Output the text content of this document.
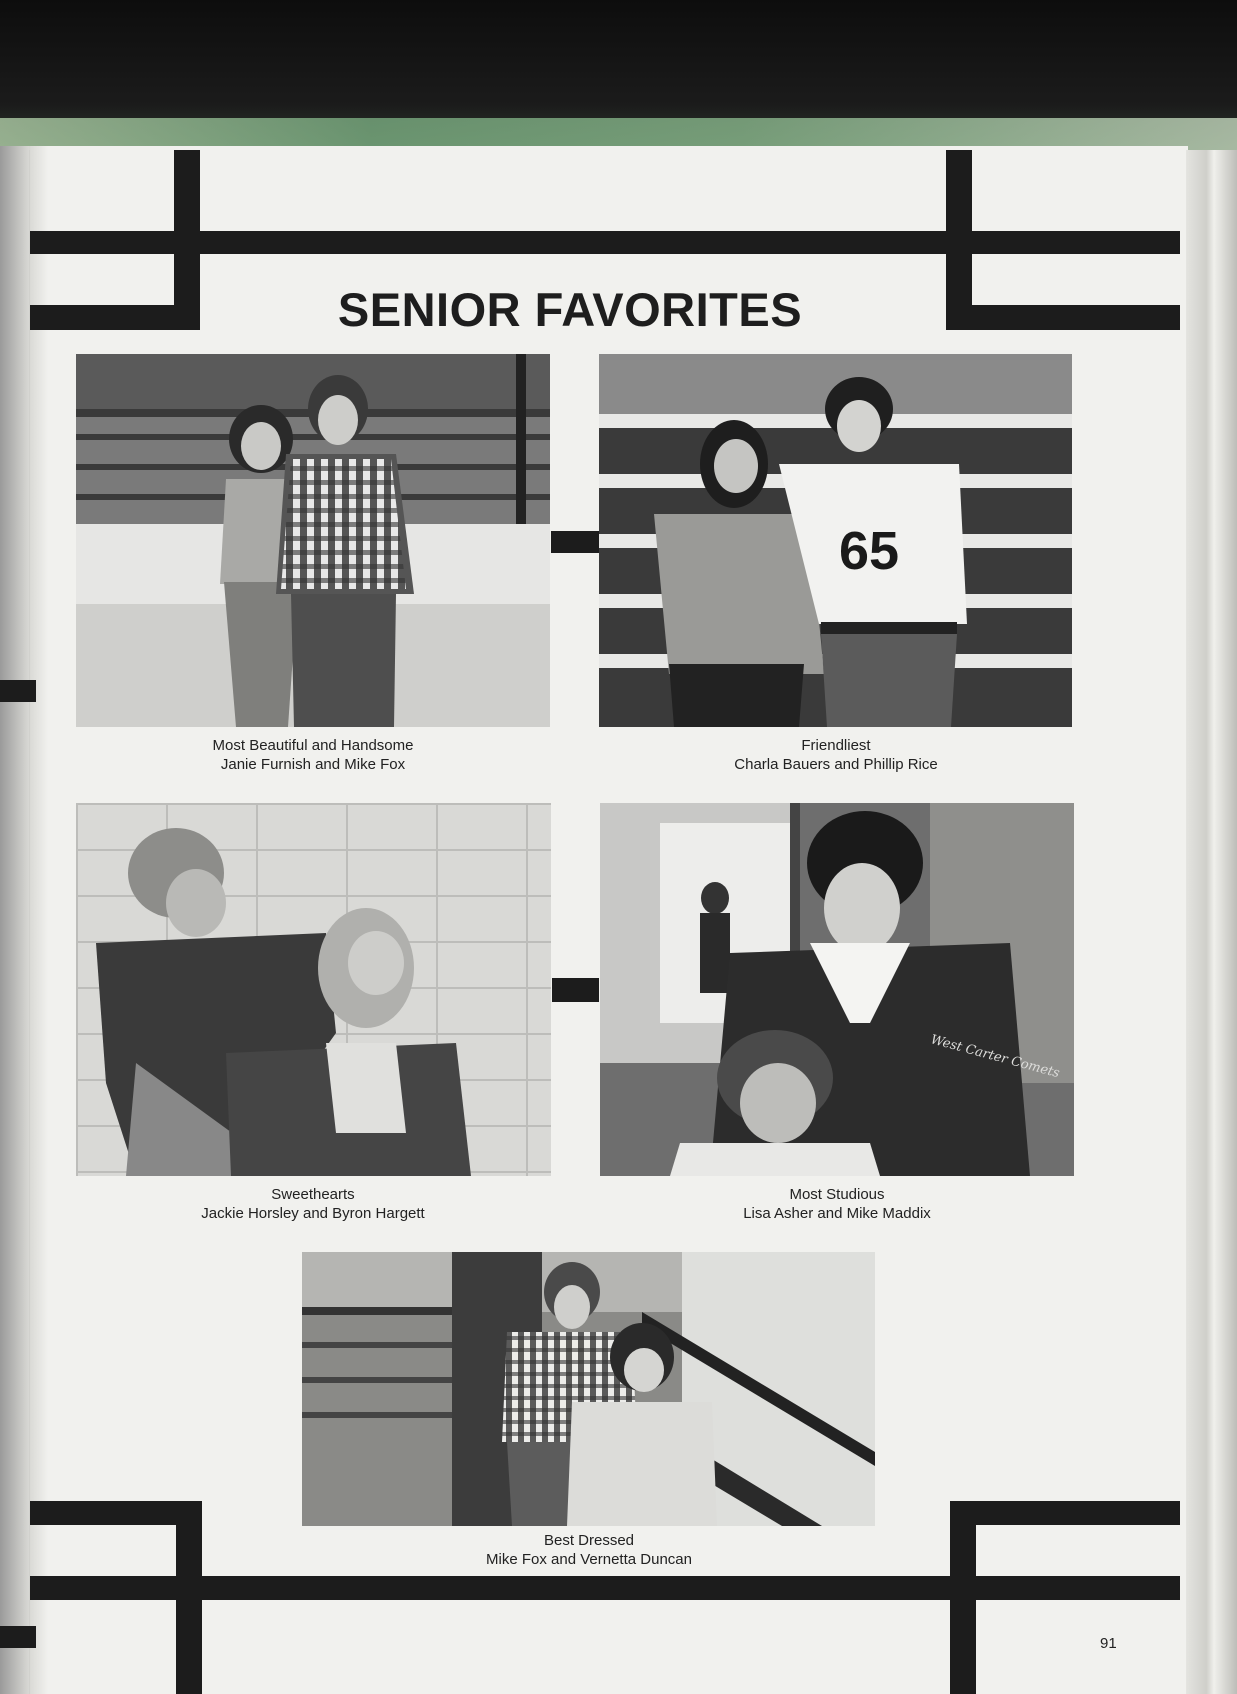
SENIOR FAVORITES
Most Beautiful and Handsome
Janie Furnish and Mike Fox
65
Friendliest
Charla Bauers and Phillip Rice
Sweethearts
Jackie Horsley and Byron Hargett
West Carter Comets
Most Studious
Lisa Asher and Mike Maddix
Best Dressed
Mike Fox and Vernetta Duncan
91
